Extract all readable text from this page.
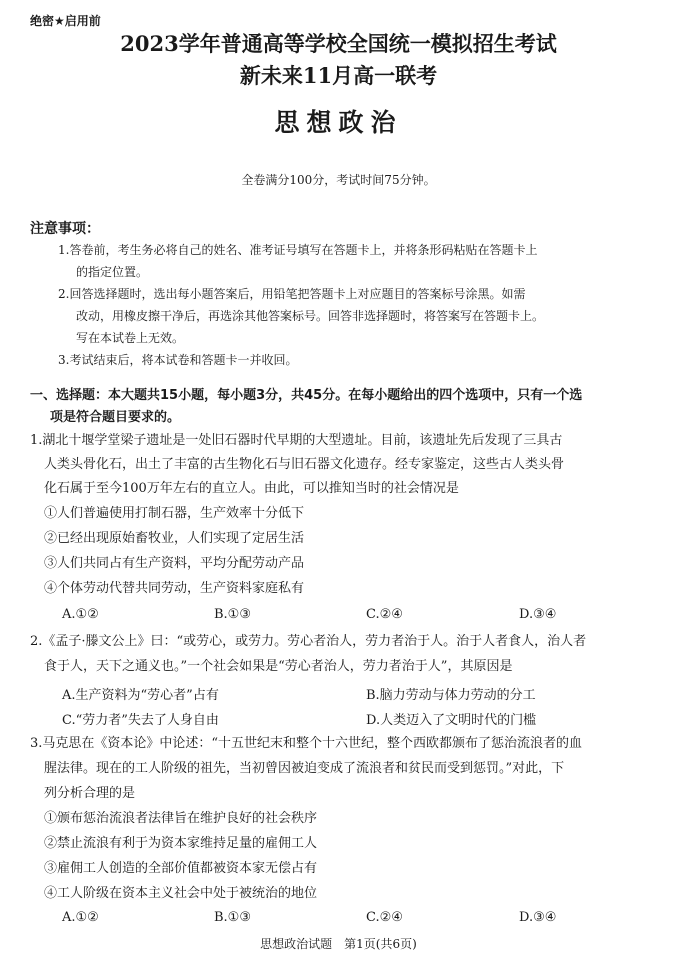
绝密★启用前
2023学年普通高等学校全国统一模拟招生考试
新未来11月高一联考
思想政治
全卷满分100分，考试时间75分钟。
注意事项：
1.答卷前，考生务必将自己的姓名、准考证号填写在答题卡上，并将条形码粘贴在答题卡上
的指定位置。
2.回答选择题时，选出每小题答案后，用铅笔把答题卡上对应题目的答案标号涂黑。如需
改动，用橡皮擦干净后，再选涂其他答案标号。回答非选择题时，将答案写在答题卡上。
写在本试卷上无效。
3.考试结束后，将本试卷和答题卡一并收回。
一、选择题：本大题共15小题，每小题3分，共45分。在每小题给出的四个选项中，只有一个选
项是符合题目要求的。
1.湖北十堰学堂梁子遗址是一处旧石器时代早期的大型遗址。目前，该遗址先后发现了三具古
人类头骨化石，出土了丰富的古生物化石与旧石器文化遗存。经专家鉴定，这些古人类头骨
化石属于至今100万年左右的直立人。由此，可以推知当时的社会情况是
①人们普遍使用打制石器，生产效率十分低下
②已经出现原始畜牧业，人们实现了定居生活
③人们共同占有生产资料，平均分配劳动产品
④个体劳动代替共同劳动，生产资料家庭私有
A.①②	B.①③	C.②④	D.③④
2.《孟子·滕文公上》曰：“或劳心，或劳力。劳心者治人，劳力者治于人。治于人者食人，治人者
食于人，天下之通义也。”一个社会如果是“劳心者治人，劳力者治于人”，其原因是
A.生产资料为“劳心者”占有	B.脑力劳动与体力劳动的分工
C.“劳力者”失去了人身自由	D.人类迈入了文明时代的门槛
3.马克思在《资本论》中论述：“十五世纪末和整个十六世纪，整个西欧都颁布了惩治流浪者的血
腥法律。现在的工人阶级的祖先，当初曾因被迫变成了流浪者和贫民而受到惩罚。”对此，下
列分析合理的是
①颁布惩治流浪者法律旨在维护良好的社会秩序
②禁止流浪有利于为资本家维持足量的雇佣工人
③雇佣工人创造的全部价值都被资本家无偿占有
④工人阶级在资本主义社会中处于被统治的地位
A.①②	B.①③	C.②④	D.③④
思想政治试题　第1页(共6页)
